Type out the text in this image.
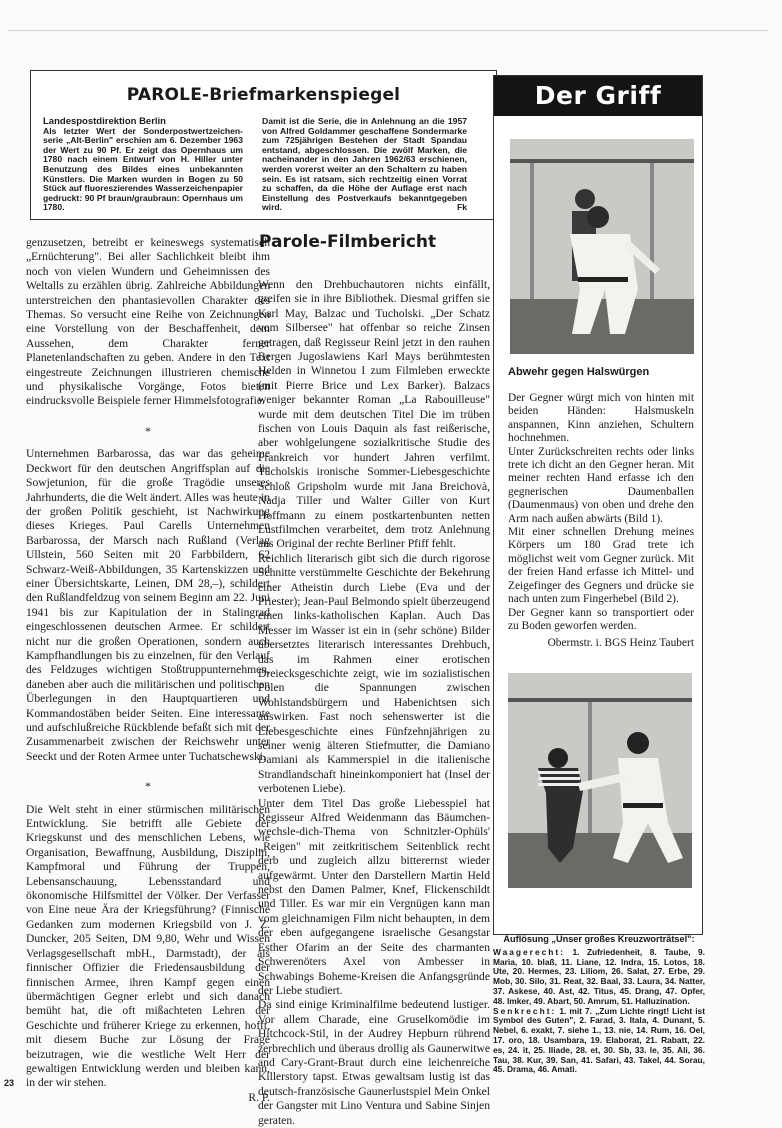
PAROLE-Briefmarkenspiegel
Landespostdirektion Berlin
Als letzter Wert der Sonderpostwertzeichen-serie „Alt-Berlin" erschien am 6. Dezember 1963 der Wert zu 90 Pf. Er zeigt das Opernhaus um 1780 nach einem Entwurf von H. Hiller unter Benutzung des Bildes eines unbekannten Künstlers. Die Marken wurden in Bogen zu 50 Stück auf fluoreszierendes Wasserzeichenpapier gedruckt: 90 Pf braun/graubraun: Opernhaus um 1780.
Damit ist die Serie, die in Anlehnung an die 1957 von Alfred Goldammer geschaffene Sondermarke zum 725jährigen Bestehen der Stadt Spandau entstand, abgeschlossen. Die zwölf Marken, die nacheinander in den Jahren 1962/63 erschienen, werden vorerst weiter an den Schaltern zu haben sein. Es ist ratsam, sich rechtzeitig einen Vorrat zu schaffen, da die Höhe der Auflage erst nach Einstellung des Postverkaufs bekanntgegeben wird.	Fk

genzusetzen, betreibt er keineswegs systematisch „Ernüchterung". Bei aller Sachlichkeit bleibt ihm noch von vielen Wundern und Geheimnissen des Weltalls zu erzählen übrig. Zahlreiche Abbildungen unterstreichen den phantasievollen Charakter des Themas. So versucht eine Reihe von Zeichnungen eine Vorstellung von der Beschaffenheit, dem Aussehen, dem Charakter ferner Planetenlandschaften zu geben. Andere in den Text eingestreute Zeichnungen illustrieren chemische und physikalische Vorgänge, Fotos bieten eindrucksvolle Beispiele ferner Himmelsfotografie.

*

Unternehmen Barbarossa, das war das geheime Deckwort für den deutschen Angriffsplan auf die Sowjetunion, für die große Tragödie unseres Jahrhunderts, die die Welt ändert. Alles was heute in der großen Politik geschieht, ist Nachwirkung dieses Krieges. Paul Carells Unternehmen Barbarossa, der Marsch nach Rußland (Verlag Ullstein, 560 Seiten mit 20 Farbbildern, 62 Schwarz-Weiß-Abbildungen, 35 Kartenskizzen und einer Übersichtskarte, Leinen, DM 28,–), schildert den Rußlandfeldzug von seinem Beginn am 22. Juni 1941 bis zur Kapitulation der in Stalingrad eingeschlossenen deutschen Armee. Er schildert nicht nur die großen Operationen, sondern auch Kampfhandlungen bis zu einzelnen, für den Verlauf des Feldzuges wichtigen Stoßtruppunternehmen, daneben aber auch die militärischen und politischen Überlegungen in den Hauptquartieren und Kommandostäben beider Seiten. Eine interessante und aufschlußreiche Rückblende befaßt sich mit der Zusammenarbeit zwischen der Reichswehr unter Seeckt und der Roten Armee unter Tuchatschewski.

*

Die Welt steht in einer stürmischen militärischen Entwicklung. Sie betrifft alle Gebiete der Kriegskunst und des menschlichen Lebens, wie Organisation, Bewaffnung, Ausbildung, Disziplin, Kampfmoral und Führung der Truppen, Lebensanschauung, Lebensstandard und ökonomische Hilfsmittel der Völker. Der Verfasser von Eine neue Ära der Kriegsführung? (Finnische Gedanken zum modernen Kriegsbild von J. Z. Duncker, 205 Seiten, DM 9,80, Wehr und Wissen Verlagsgesellschaft mbH., Darmstadt), der als finnischer Offizier die Friedensausbildung der finnischen Armee, ihren Kampf gegen einen übermächtigen Gegner erlebt und sich danach bemüht hat, die oft mißachteten Lehren der Geschichte und früherer Kriege zu erkennen, hofft, mit diesem Buche zur Lösung der Frage beizutragen, wie die westliche Welt Herr der gewaltigen Entwicklung werden und bleiben kann, in der wir stehen.

R. P.

Parole-Filmbericht

Wenn den Drehbuchautoren nichts einfällt, greifen sie in ihre Bibliothek. Diesmal griffen sie Karl May, Balzac und Tucholski. „Der Schatz vom Silbersee" hat offenbar so reiche Zinsen getragen, daß Regisseur Reinl jetzt in den rauhen Bergen Jugoslawiens Karl Mays berühmtesten Helden in Winnetou I zum Filmleben erweckte (mit Pierre Brice und Lex Barker). Balzacs weniger bekannter Roman „La Rabouilleuse" wurde mit dem deutschen Titel Die im trüben fischen von Louis Daquin als fast reißerische, aber wohlgelungene sozialkritische Studie des Frankreich vor hundert Jahren verfilmt. Tucholskis ironische Sommer-Liebesgeschichte Schloß Gripsholm wurde mit Jana Breichovà, Nadja Tiller und Walter Giller von Kurt Hoffmann zu einem postkartenbunten netten Lustfilmchen verarbeitet, dem trotz Anlehnung ans Original der rechte Berliner Pfiff fehlt.

Reichlich literarisch gibt sich die durch rigorose Schnitte verstümmelte Geschichte der Bekehrung einer Atheistin durch Liebe (Eva und der Priester); Jean-Paul Belmondo spielt überzeugend einen links-katholischen Kaplan. Auch Das Messer im Wasser ist ein in (sehr schöne) Bilder übersetztes literarisch interessantes Drehbuch, das im Rahmen einer erotischen Dreiecksgeschichte zeigt, wie im sozialistischen Polen die Spannungen zwischen Wohlstandsbürgern und Habenichtsen sich auswirken. Fast noch sehenswerter ist die Liebesgeschichte eines Fünfzehnjährigen zu seiner wenig älteren Stiefmutter, die Damiano Damiani als Kammerspiel in die italienische Strandlandschaft hineinkomponiert hat (Insel der verbotenen Liebe).

Unter dem Titel Das große Liebesspiel hat Regisseur Alfred Weidenmann das Bäumchen-wechsle-dich-Thema von Schnitzler-Ophüls' „Reigen" mit zeitkritischem Seitenblick recht derb und zugleich allzu bitterernst wieder aufgewärmt. Unter den Darstellern Martin Held nebst den Damen Palmer, Knef, Flickenschildt und Tiller. Es war mir ein Vergnügen kann man vom gleichnamigen Film nicht behaupten, in dem der eben aufgegangene israelische Gesangstar Esther Ofarim an der Seite des charmanten Schwerenöters Axel von Ambesser in Schwabings Boheme-Kreisen die Anfangsgründe der Liebe studiert.

Da sind einige Kriminalfilme bedeutend lustiger. Vor allem Charade, eine Gruselkomödie im Hitchcock-Stil, in der Audrey Hepburn rührend zerbrechlich und überaus drollig als Gaunerwitwe and Cary-Grant-Braut durch eine leichenreiche Killerstory tapst. Etwas gewaltsam lustig ist das deutsch-französische Gaunerlustspiel Mein Onkel der Gangster mit Lino Ventura und Sabine Sinjen geraten.

Der Griff
Abwehr gegen Halswürgen

Der Gegner würgt mich von hinten mit beiden Händen: Halsmuskeln anspannen, Kinn anziehen, Schultern hochnehmen.

Unter Zurückschreiten rechts oder links trete ich dicht an den Gegner heran. Mit meiner rechten Hand erfasse ich den gegnerischen Daumenballen (Daumenmaus) von oben und drehe den Arm nach außen abwärts (Bild 1).

Mit einer schnellen Drehung meines Körpers um 180 Grad trete ich möglichst weit vom Gegner zurück. Mit der freien Hand erfasse ich Mittel- und Zeigefinger des Gegners und drücke sie nach unten zum Fingerhebel (Bild 2).

Der Gegner kann so transportiert oder zu Boden geworfen werden.

Obermstr. i. BGS Heinz Taubert

Auflösung „Unser großes Kreuzworträtsel":
Waagerecht: 1. Zufriedenheit, 8. Taube, 9. Maria, 10. blaß, 11. Liane, 12. Indra, 15. Lotos, 18. Ute, 20. Hermes, 23. Liliom, 26. Salat, 27. Erbe, 29. Mob, 30. Silo, 31. Reat, 32. Baal, 33. Laura, 34. Natter, 37. Askese, 40. Ast, 42. Titus, 45. Drang, 47. Opfer, 48. Imker, 49. Abart, 50. Amrum, 51. Halluzination.
Senkrecht: 1. mit 7. „Zum Lichte ringt! Licht ist Symbol des Guten", 2. Farad, 3. Itala, 4. Dunant, 5. Nebel, 6. exakt, 7. siehe 1., 13. nie, 14. Rum, 16. Oel, 17. oro, 18. Usambara, 19. Elaborat, 21. Rabatt, 22. es, 24. it, 25. Iliade, 28. et, 30. Sb, 33. le, 35. Ali, 36. Tau, 38. Kur, 39. San, 41. Safari, 43. Takel, 44. Sorau, 45. Drama, 46. Amati.
23
